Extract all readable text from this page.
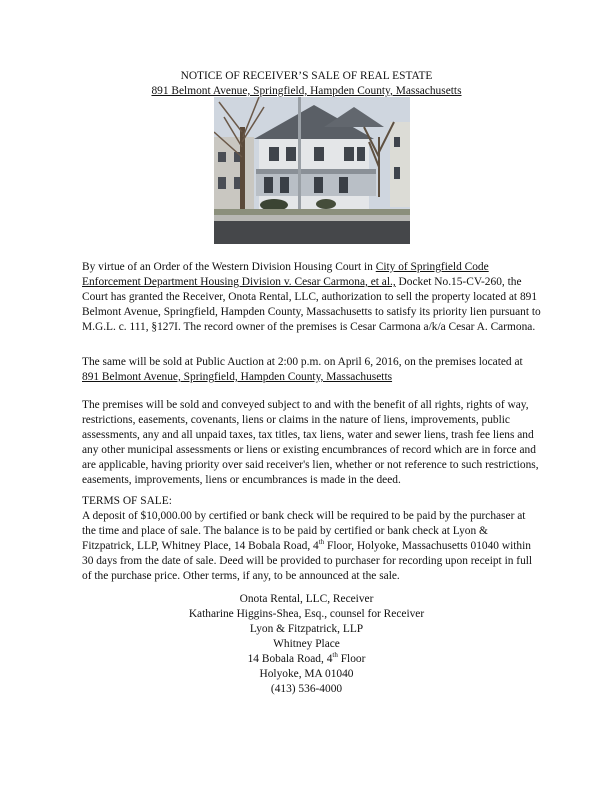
NOTICE OF RECEIVER’S SALE OF REAL ESTATE
891 Belmont Avenue, Springfield, Hampden County, Massachusetts

By virtue of an Order of the Western Division Housing Court in City of Springfield Code Enforcement Department Housing Division v. Cesar Carmona, et al., Docket No.15-CV-260, the Court has granted the Receiver, Onota Rental, LLC, authorization to sell the property located at 891 Belmont Avenue, Springfield, Hampden County, Massachusetts to satisfy its priority lien pursuant to M.G.L. c. 111, §127I. The record owner of the premises is Cesar Carmona a/k/a Cesar A. Carmona.

The same will be sold at Public Auction at 2:00 p.m. on April 6, 2016, on the premises located at 891 Belmont Avenue, Springfield, Hampden County, Massachusetts

The premises will be sold and conveyed subject to and with the benefit of all rights, rights of way, restrictions, easements, covenants, liens or claims in the nature of liens, improvements, public assessments, any and all unpaid taxes, tax titles, tax liens, water and sewer liens, trash fee liens and any other municipal assessments or liens or existing encumbrances of record which are in force and are applicable, having priority over said receiver's lien, whether or not reference to such restrictions, easements, improvements, liens or encumbrances is made in the deed.

TERMS OF SALE:

A deposit of $10,000.00 by certified or bank check will be required to be paid by the purchaser at the time and place of sale. The balance is to be paid by certified or bank check at Lyon & Fitzpatrick, LLP, Whitney Place, 14 Bobala Road, 4th Floor, Holyoke, Massachusetts 01040 within 30 days from the date of sale. Deed will be provided to purchaser for recording upon receipt in full of the purchase price. Other terms, if any, to be announced at the sale.

Onota Rental, LLC, Receiver
Katharine Higgins-Shea, Esq., counsel for Receiver
Lyon & Fitzpatrick, LLP
Whitney Place
14 Bobala Road, 4th Floor
Holyoke, MA 01040
(413) 536-4000
